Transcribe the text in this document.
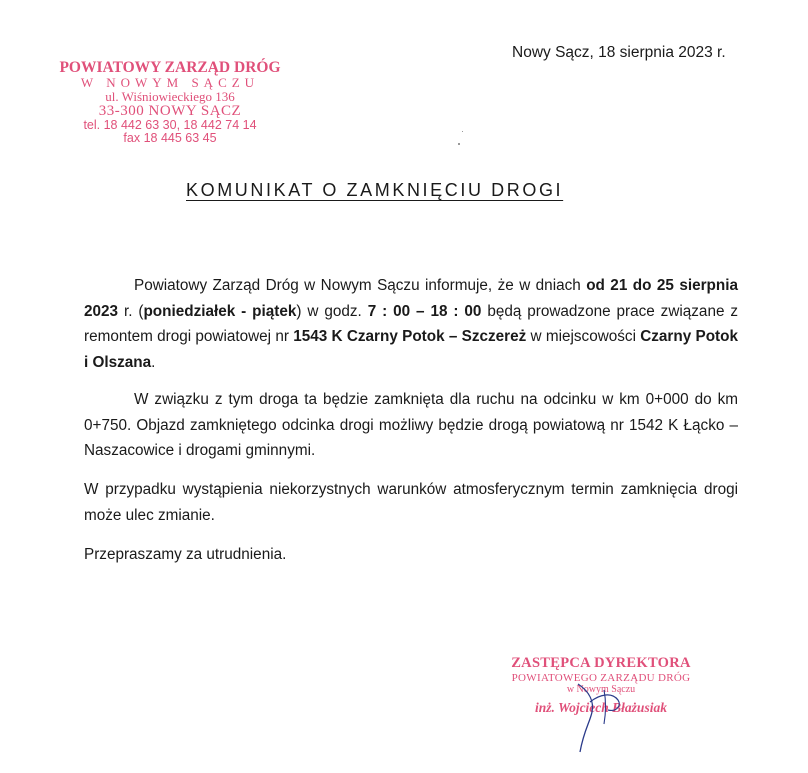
Nowy Sącz, 18 sierpnia 2023 r.
POWIATOWY ZARZĄD DRÓG
W NOWYM SĄCZU
ul. Wiśniowieckiego 136
33-300 NOWY SĄCZ
tel. 18 442 63 30, 18 442 74 14
fax 18 445 63 45
KOMUNIKAT O ZAMKNIĘCIU DROGI

Powiatowy Zarząd Dróg w Nowym Sączu informuje, że w dniach od 21 do 25 sierpnia 2023 r. (poniedziałek - piątek) w godz. 7 : 00 – 18 : 00 będą prowadzone prace związane z remontem drogi powiatowej nr 1543 K Czarny Potok – Szczereż w miejscowości Czarny Potok i Olszana.

W związku z tym droga ta będzie zamknięta dla ruchu na odcinku w km 0+000 do km 0+750. Objazd zamkniętego odcinka drogi możliwy będzie drogą powiatową nr 1542 K Łącko – Naszacowice i drogami gminnymi.

W przypadku wystąpienia niekorzystnych warunków atmosferycznym termin zamknięcia drogi może ulec zmianie.

Przepraszamy za utrudnienia.

ZASTĘPCA DYREKTORA
POWIATOWEGO ZARZĄDU DRÓG
w Nowym Sączu
inż. Wojciech Błażusiak
